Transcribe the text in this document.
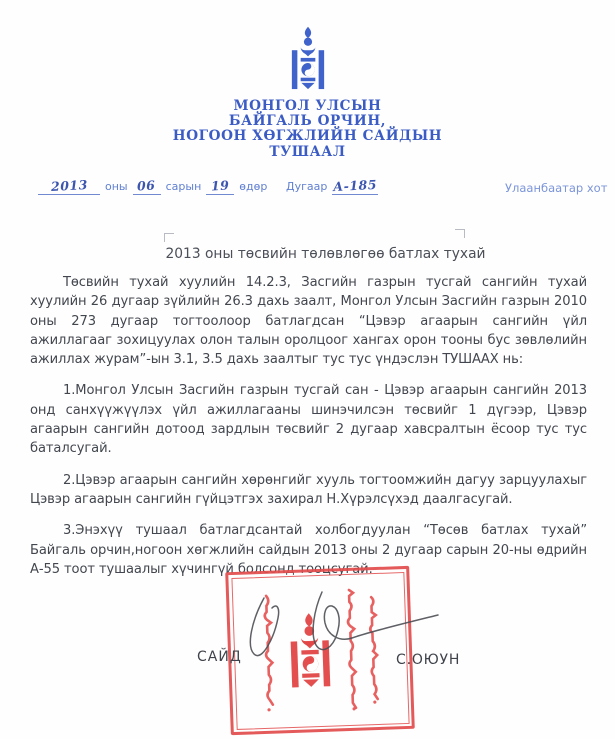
МОНГОЛ УЛСЫН
БАЙГАЛЬ ОРЧИН,
НОГООН ХӨГЖЛИЙН САЙДЫН
ТУШААЛ
2013 оны 06 сарын 19 өдөр Дугаар А-185	Улаанбаатар хот
2013 оны төсвийн төлөвлөгөө батлах тухай

Төсвийн тухай хуулийн 14.2.3, Засгийн газрын тусгай сангийн тухай хуулийн 26 дугаар зүйлийн 26.3 дахь заалт, Монгол Улсын Засгийн газрын 2010 оны 273 дугаар тогтоолоор батлагдсан “Цэвэр агаарын сангийн үйл ажиллагааг зохицуулах олон талын оролцоог хангах орон тооны бус зөвлөлийн ажиллах журам”-ын 3.1, 3.5 дахь заалтыг тус тус үндэслэн ТУШААХ нь:

1.Монгол Улсын Засгийн газрын тусгай сан - Цэвэр агаарын сангийн 2013 онд санхүүжүүлэх үйл ажиллагааны шинэчилсэн төсвийг 1 дүгээр, Цэвэр агаарын сангийн дотоод зардлын төсвийг 2 дугаар хавсралтын ёсоор тус тус баталсугай.

2.Цэвэр агаарын сангийн хөрөнгийг хууль тогтоомжийн дагуу зарцуулахыг Цэвэр агаарын сангийн гүйцэтгэх захирал Н.Хүрэлсүхэд даалгасугай.

3.Энэхүү тушаал батлагдсантай холбогдуулан “Төсөв батлах тухай” Байгаль орчин,ногоон хөгжлийн сайдын 2013 оны 2 дугаар сарын 20-ны өдрийн А-55 тоот тушаалыг хүчингүй болсонд тооцсугай.

САЙД	С.ОЮУН
